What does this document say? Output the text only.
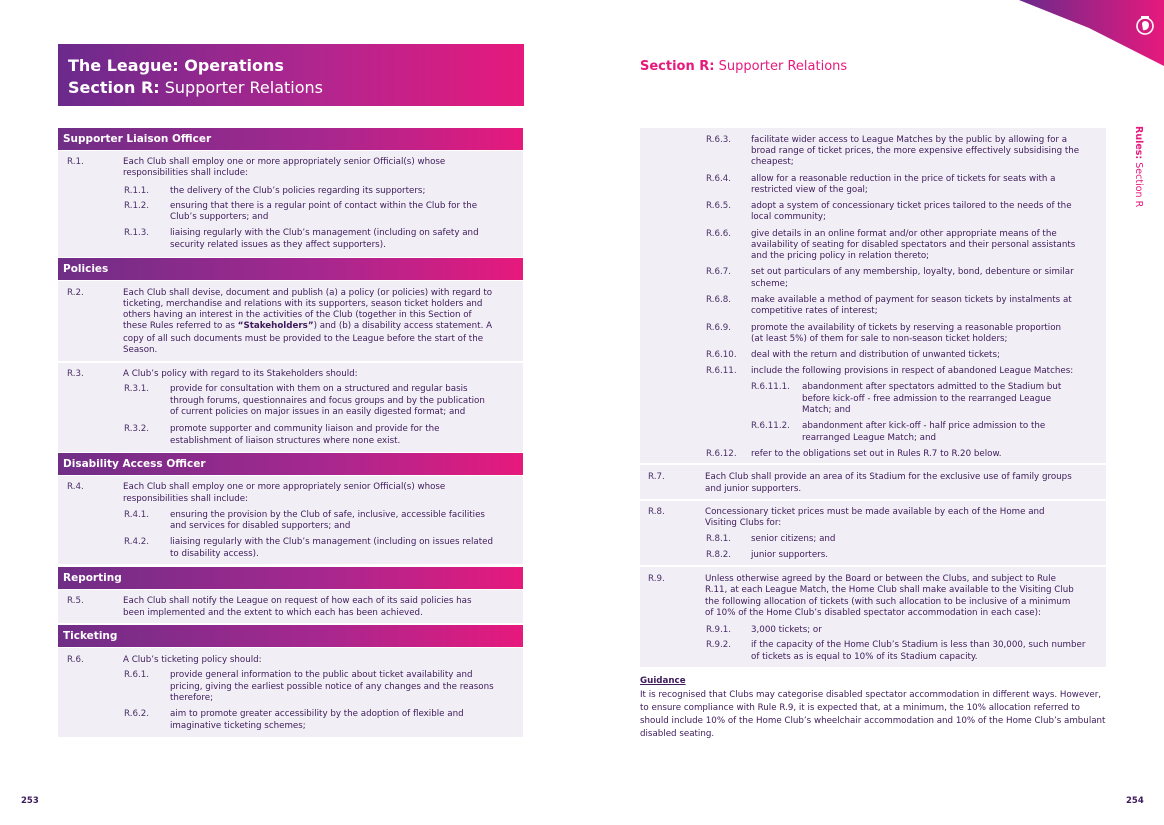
The League: Operations
Section R: Supporter Relations
Section R: Supporter Relations
Rules: Section R
Supporter Liaison Officer
R.1.	Each Club shall employ one or more appropriately senior Official(s) whose
responsibilities shall include:
R.1.1. the delivery of the Club’s policies regarding its supporters;
R.1.2. ensuring that there is a regular point of contact within the Club for the
Club’s supporters; and
R.1.3. liaising regularly with the Club’s management (including on safety and
security related issues as they affect supporters).
Policies
R.2.	Each Club shall devise, document and publish (a) a policy (or policies) with regard to
ticketing, merchandise and relations with its supporters, season ticket holders and
others having an interest in the activities of the Club (together in this Section of
these Rules referred to as “Stakeholders”) and (b) a disability access statement. A
copy of all such documents must be provided to the League before the start of the
Season.
R.3.	A Club’s policy with regard to its Stakeholders should:
R.3.1. provide for consultation with them on a structured and regular basis
through forums, questionnaires and focus groups and by the publication
of current policies on major issues in an easily digested format; and
R.3.2. promote supporter and community liaison and provide for the
establishment of liaison structures where none exist.
Disability Access Officer
R.4.	Each Club shall employ one or more appropriately senior Official(s) whose
responsibilities shall include:
R.4.1. ensuring the provision by the Club of safe, inclusive, accessible facilities
and services for disabled supporters; and
R.4.2. liaising regularly with the Club’s management (including on issues related
to disability access).
Reporting
R.5.	Each Club shall notify the League on request of how each of its said policies has
been implemented and the extent to which each has been achieved.
Ticketing
R.6.	A Club’s ticketing policy should:
R.6.1. provide general information to the public about ticket availability and
pricing, giving the earliest possible notice of any changes and the reasons
therefore;
R.6.2. aim to promote greater accessibility by the adoption of flexible and
imaginative ticketing schemes;
R.6.3. facilitate wider access to League Matches by the public by allowing for a
broad range of ticket prices, the more expensive effectively subsidising the
cheapest;
R.6.4. allow for a reasonable reduction in the price of tickets for seats with a
restricted view of the goal;
R.6.5. adopt a system of concessionary ticket prices tailored to the needs of the
local community;
R.6.6. give details in an online format and/or other appropriate means of the
availability of seating for disabled spectators and their personal assistants
and the pricing policy in relation thereto;
R.6.7. set out particulars of any membership, loyalty, bond, debenture or similar
scheme;
R.6.8. make available a method of payment for season tickets by instalments at
competitive rates of interest;
R.6.9. promote the availability of tickets by reserving a reasonable proportion
(at least 5%) of them for sale to non-season ticket holders;
R.6.10. deal with the return and distribution of unwanted tickets;
R.6.11. include the following provisions in respect of abandoned League Matches:
R.6.11.1. abandonment after spectators admitted to the Stadium but
before kick-off - free admission to the rearranged League
Match; and
R.6.11.2. abandonment after kick-off - half price admission to the
rearranged League Match; and
R.6.12. refer to the obligations set out in Rules R.7 to R.20 below.
R.7.	Each Club shall provide an area of its Stadium for the exclusive use of family groups
and junior supporters.
R.8.	Concessionary ticket prices must be made available by each of the Home and
Visiting Clubs for:
R.8.1. senior citizens; and
R.8.2. junior supporters.
R.9.	Unless otherwise agreed by the Board or between the Clubs, and subject to Rule
R.11, at each League Match, the Home Club shall make available to the Visiting Club
the following allocation of tickets (with such allocation to be inclusive of a minimum
of 10% of the Home Club’s disabled spectator accommodation in each case):
R.9.1. 3,000 tickets; or
R.9.2. if the capacity of the Home Club’s Stadium is less than 30,000, such number
of tickets as is equal to 10% of its Stadium capacity.
Guidance
It is recognised that Clubs may categorise disabled spectator accommodation in different ways. However,
to ensure compliance with Rule R.9, it is expected that, at a minimum, the 10% allocation referred to
should include 10% of the Home Club’s wheelchair accommodation and 10% of the Home Club’s ambulant
disabled seating.
253	254
